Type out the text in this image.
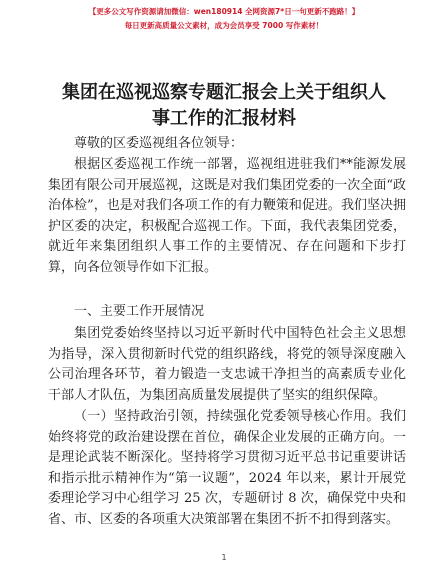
【更多公文写作资源请加微信：wen180914 全网资源7*日一句更新不跑路！】
每日更新高质量公文素材，成为会员享受 7000 写作素材！
集团在巡视巡察专题汇报会上关于组织人事工作的汇报材料
尊敬的区委巡视组各位领导：
根据区委巡视工作统一部署，巡视组进驻我们**能源发展集团有限公司开展巡视，这既是对我们集团党委的一次全面“政治体检”，也是对我们各项工作的有力鞭策和促进。我们坚决拥护区委的决定，积极配合巡视工作。下面，我代表集团党委，就近年来集团组织人事工作的主要情况、存在问题和下步打算，向各位领导作如下汇报。
一、主要工作开展情况
集团党委始终坚持以习近平新时代中国特色社会主义思想为指导，深入贯彻新时代党的组织路线，将党的领导深度融入公司治理各环节，着力锻造一支忠诚干净担当的高素质专业化干部人才队伍，为集团高质量发展提供了坚实的组织保障。
（一）坚持政治引领，持续强化党委领导核心作用。我们始终将党的政治建设摆在首位，确保企业发展的正确方向。一是理论武装不断深化。坚持将学习贯彻习近平总书记重要讲话和指示批示精神作为“第一议题”，2024 年以来，累计开展党委理论学习中心组学习 25 次，专题研讨 8 次，确保党中央和省、市、区委的各项重大决策部署在集团不折不扣得到落实。
1
